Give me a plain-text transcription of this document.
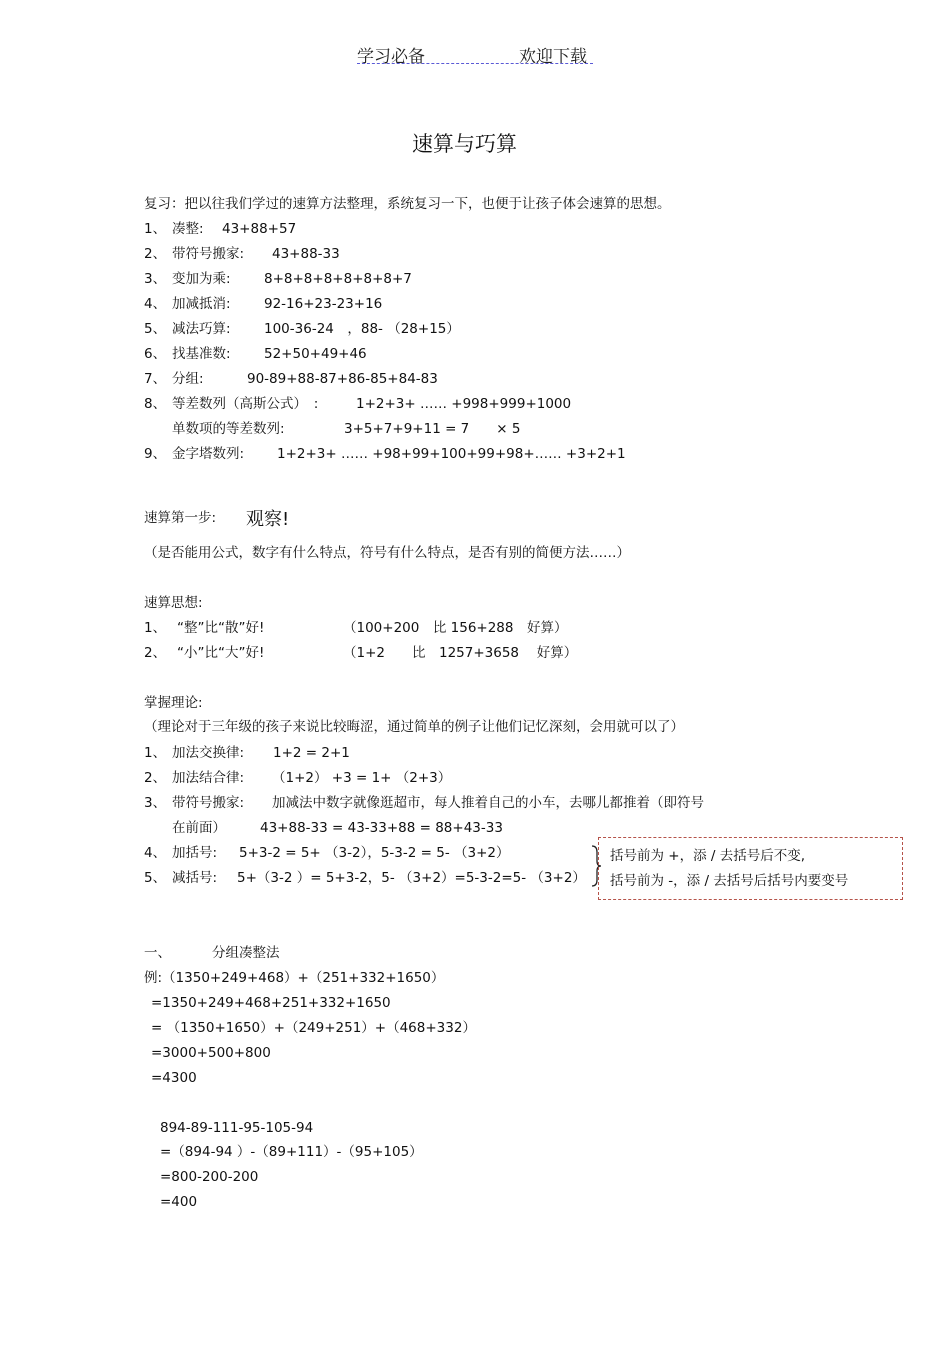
学习必备	欢迎下载
速算与巧算
复习：把以往我们学过的速算方法整理，系统复习一下，也便于让孩子体会速算的思想。
1、 凑整: 43+88+57
2、 带符号搬家: 43+88-33
3、 变加为乘: 8+8+8+8+8+8+8+7
4、 加减抵消: 92-16+23-23+16
5、 减法巧算: 100-36-24　，88- （28+15）
6、 找基准数: 52+50+49+46
7、 分组:	90-89+88-87+86-85+84-83
8、 等差数列（高斯公式）　:	1+2+3+ …… +998+999+1000
单数项的等差数列:	3+5+7+9+11 = 7　　× 5
9、 金字塔数列: 1+2+3+ …… +98+99+100+99+98+…… +3+2+1
速算第一步: 观察!
（是否能用公式，数字有什么特点，符号有什么特点，是否有别的简便方法……）
速算思想:
1、 “整”比“散”好!	（100+200　比 156+288　好算）
2、 “小”比“大”好!	（1+2　　比　1257+3658　 好算）
掌握理论:
（理论对于三年级的孩子来说比较晦涩，通过简单的例子让他们记忆深刻，会用就可以了）
1、 加法交换律: 1+2 = 2+1
2、 加法结合律: （1+2） +3 = 1+ （2+3）
3、 带符号搬家: 加减法中数字就像逛超市，每人推着自己的小车，去哪儿都推着（即符号
在前面）	43+88-33 = 43-33+88 = 88+43-33
4、 加括号: 5+3-2 = 5+ （3-2），5-3-2 = 5- （3+2）
5、 减括号: 5+（3-2 ）= 5+3-2，5- （3+2）=5-3-2=5- （3+2）
括号前为 +，添 / 去括号后不变,
括号前为 -，添 / 去括号后括号内要变号
一、	分组凑整法
例:（1350+249+468）+（251+332+1650）
=1350+249+468+251+332+1650
= （1350+1650）+（249+251）+（468+332）
=3000+500+800
=4300
894-89-111-95-105-94
=（894-94 ）-（89+111）-（95+105）
=800-200-200
=400
